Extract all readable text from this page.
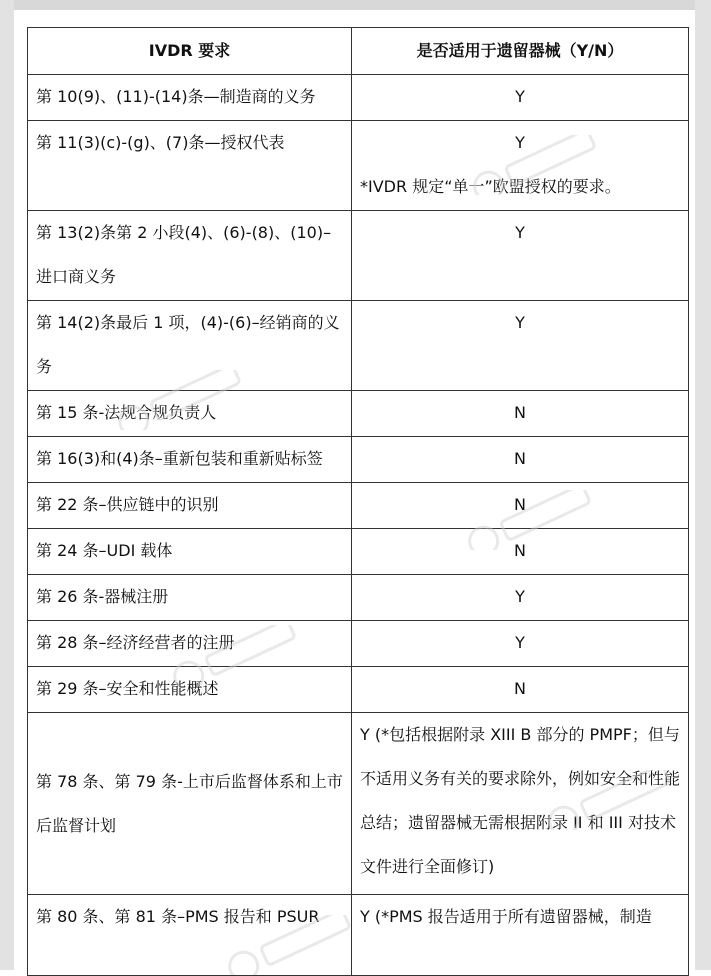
IVDR 要求	是否适用于遗留器械（Y/N）
第 10(9)、(11)-(14)条—制造商的义务	Y
第 11(3)(c)-(g)、(7)条—授权代表	Y
*IVDR 规定“单一”欧盟授权的要求。

第 13(2)条第 2 小段(4)、(6)-(8)、(10)–进口商义务	Y
第 14(2)条最后 1 项，(4)-(6)–经销商的义务	Y
第 15 条-法规合规负责人	N
第 16(3)和(4)条–重新包装和重新贴标签	N
第 22 条–供应链中的识别	N
第 24 条–UDI 载体	N
第 26 条-器械注册	Y
第 28 条–经济经营者的注册	Y
第 29 条–安全和性能概述	N
第 78 条、第 79 条-上市后监督体系和上市后监督计划	Y (*包括根据附录 XIII B 部分的 PMPF；但与不适用义务有关的要求除外，例如安全和性能总结；遗留器械无需根据附录 II 和 III 对技术文件进行全面修订)
第 80 条、第 81 条–PMS 报告和 PSUR	Y (*PMS 报告适用于所有遗留器械，制造
